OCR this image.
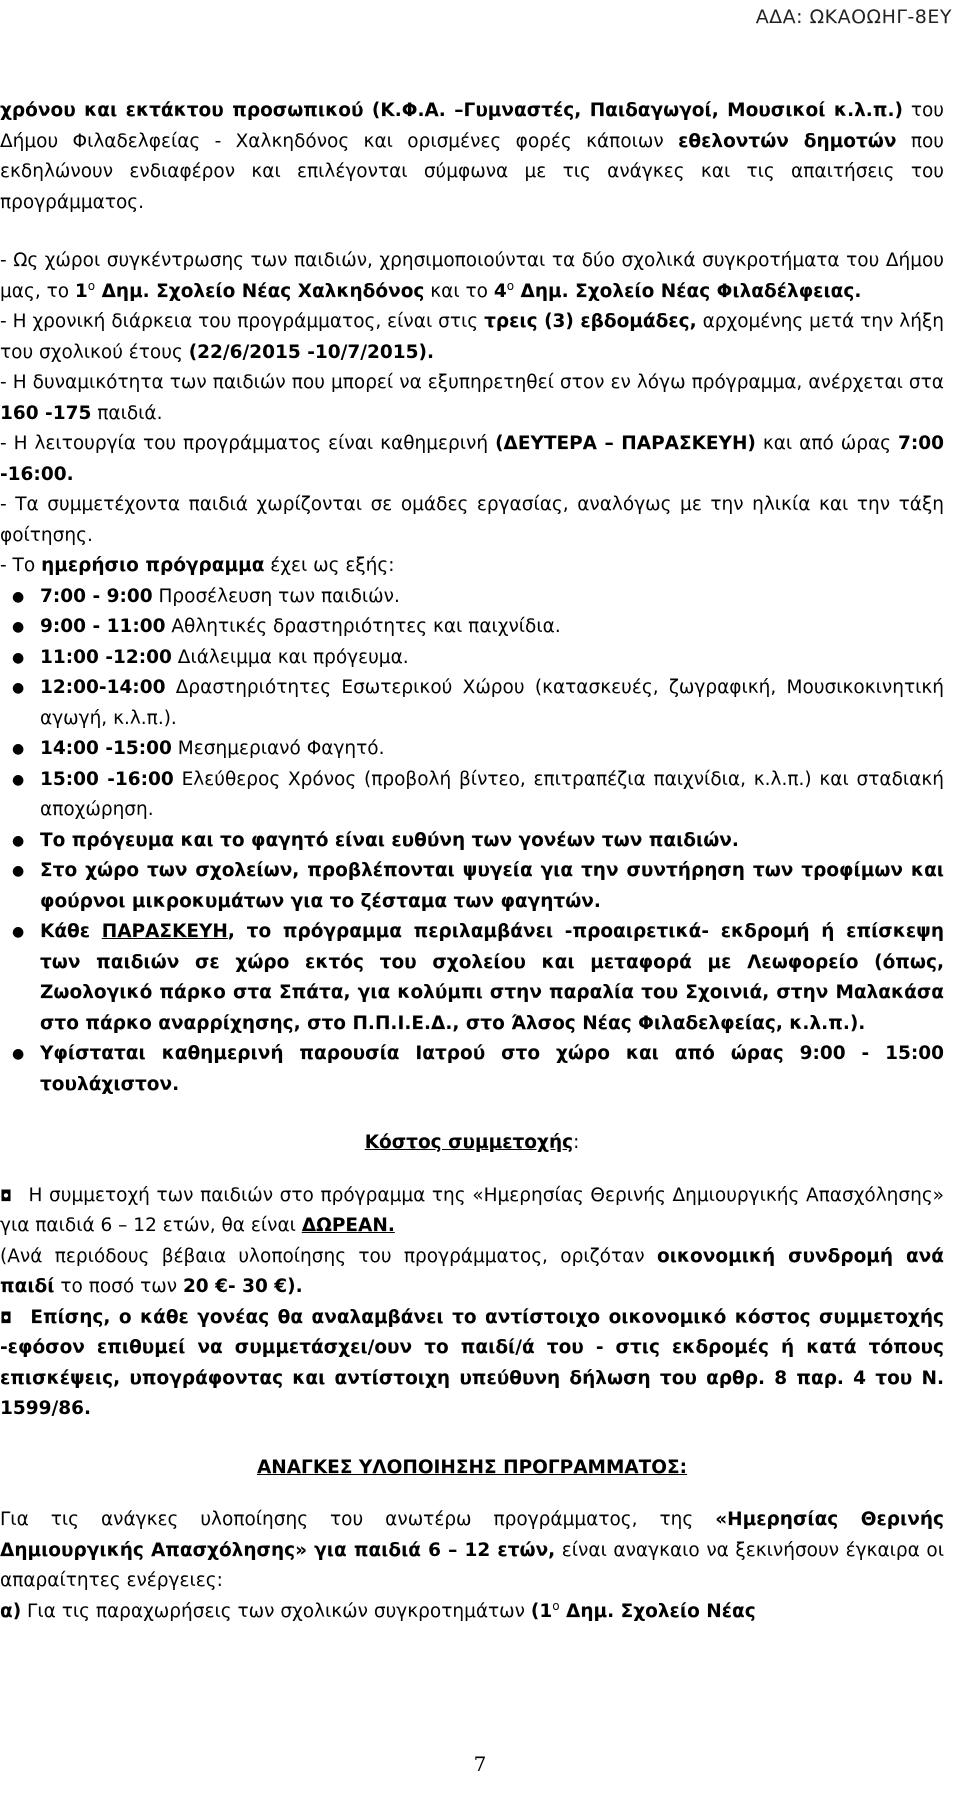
ΑΔΑ: ΩΚΑΟΩΗΓ-8ΕΥ

χρόνου και εκτάκτου προσωπικού (Κ.Φ.Α. –Γυμναστές, Παιδαγωγοί, Μουσικοί κ.λ.π.) του Δήμου Φιλαδελφείας - Χαλκηδόνος και ορισμένες φορές κάποιων εθελοντών δημοτών που εκδηλώνουν ενδιαφέρον και επιλέγονται σύμφωνα με τις ανάγκες και τις απαιτήσεις του προγράμματος.

- Ως χώροι συγκέντρωσης των παιδιών, χρησιμοποιούνται τα δύο σχολικά συγκροτήματα του Δήμου μας, το $1^o$ Δημ. Σχολείο Νέας Χαλκηδόνος και το $4^o$ Δημ. Σχολείο Νέας Φιλαδέλφειας.

- Η χρονική διάρκεια του προγράμματος, είναι στις τρεις (3) εβδομάδες, αρχομένης μετά την λήξη του σχολικού έτους (22/6/2015 -10/7/2015).

- Η δυναμικότητα των παιδιών που μπορεί να εξυπηρετηθεί στον εν λόγω πρόγραμμα, ανέρχεται στα 160 -175 παιδιά.

- Η λειτουργία του προγράμματος είναι καθημερινή (ΔΕΥΤΕΡΑ – ΠΑΡΑΣΚΕΥΗ) και από ώρας 7:00 -16:00.

- Τα συμμετέχοντα παιδιά χωρίζονται σε ομάδες εργασίας, αναλόγως με την ηλικία και την τάξη φοίτησης.

- Το ημερήσιο πρόγραμμα έχει ως εξής:

● 7:00 - 9:00 Προσέλευση των παιδιών.
● 9:00 - 11:00 Αθλητικές δραστηριότητες και παιχνίδια.
● 11:00 -12:00 Διάλειμμα και πρόγευμα.
● 12:00-14:00 Δραστηριότητες Εσωτερικού Χώρου (κατασκευές, ζωγραφική, Μουσικοκινητική αγωγή, κ.λ.π.).
● 14:00 -15:00 Μεσημεριανό Φαγητό.
● 15:00 -16:00 Ελεύθερος Χρόνος (προβολή βίντεο, επιτραπέζια παιχνίδια, κ.λ.π.) και σταδιακή αποχώρηση.
● Το πρόγευμα και το φαγητό είναι ευθύνη των γονέων των παιδιών.
● Στο χώρο των σχολείων, προβλέπονται ψυγεία για την συντήρηση των τροφίμων και φούρνοι μικροκυμάτων για το ζέσταμα των φαγητών.
● Κάθε ΠΑΡΑΣΚΕΥΗ, το πρόγραμμα περιλαμβάνει -προαιρετικά- εκδρομή ή επίσκεψη των παιδιών σε χώρο εκτός του σχολείου και μεταφορά με Λεωφορείο (όπως, Ζωολογικό πάρκο στα Σπάτα, για κολύμπι στην παραλία του Σχοινιά, στην Μαλακάσα στο πάρκο αναρρίχησης, στο Π.Π.Ι.Ε.Δ., στο Άλσος Νέας Φιλαδελφείας, κ.λ.π.).
● Υφίσταται καθημερινή παρουσία Ιατρού στο χώρο και από ώρας 9:00 - 15:00 τουλάχιστον.

Κόστος συμμετοχής:

◘ Η συμμετοχή των παιδιών στο πρόγραμμα της «Ημερησίας Θερινής Δημιουργικής Απασχόλησης» για παιδιά 6 – 12 ετών, θα είναι ΔΩΡΕΑΝ.

(Ανά περιόδους βέβαια υλοποίησης του προγράμματος, οριζόταν οικονομική συνδρομή ανά παιδί το ποσό των 20 €- 30 €).

◘ Επίσης, ο κάθε γονέας θα αναλαμβάνει το αντίστοιχο οικονομικό κόστος συμμετοχής -εφόσον επιθυμεί να συμμετάσχει/ουν το παιδί/ά του - στις εκδρομές ή κατά τόπους επισκέψεις, υπογράφοντας και αντίστοιχη υπεύθυνη δήλωση του αρθρ. 8 παρ. 4 του Ν. 1599/86.

ΑΝΑΓΚΕΣ ΥΛΟΠΟΙΗΣΗΣ ΠΡΟΓΡΑΜΜΑΤΟΣ:

Για τις ανάγκες υλοποίησης του ανωτέρω προγράμματος, της «Ημερησίας Θερινής Δημιουργικής Απασχόλησης» για παιδιά 6 – 12 ετών, είναι αναγκαιο να ξεκινήσουν έγκαιρα οι απαραίτητες ενέργειες:

α) Για τις παραχωρήσεις των σχολικών συγκροτημάτων ($1^o$ Δημ. Σχολείο Νέας

7
